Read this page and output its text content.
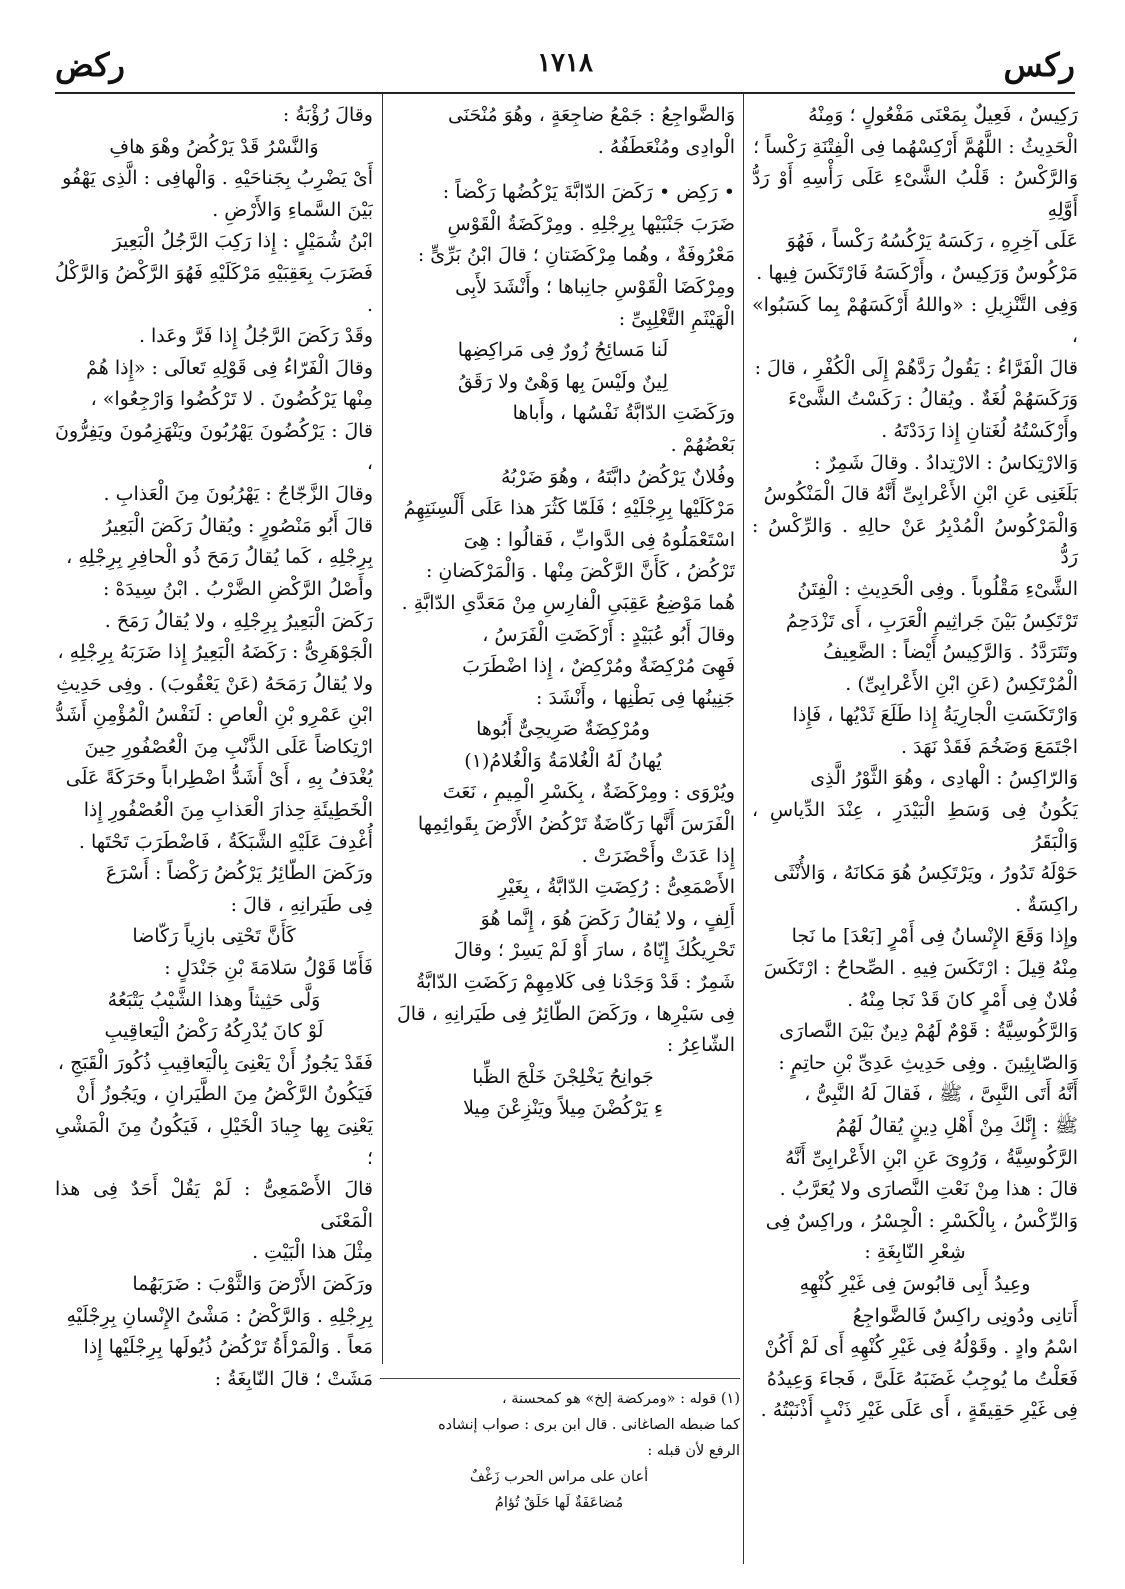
ركس
١٧١٨
ركض

رَكِيسٌ ، فَعِيلٌ بِمَعْنَى مَفْعُولٍ ؛ وَمِنْهُ

الْحَدِيثُ : اللَّهُمَّ أَرْكِسْهُما فِى الْفِتْنَةِ رَكْساً ؛

وَالرَّكْسُ : قَلْبُ الشَّىْءِ عَلَى رَأْسِهِ أَوْ رَدُّ أَوَّلِهِ

عَلَى آخِرِهِ ، رَكَسَهُ يَرْكُسُهُ رَكْساً ، فَهُوَ

مَرْكُوسٌ وَرَكِيسٌ ، وأَرْكَسَهُ فَارْتَكَسَ فِيها .

وَفِى التَّنْزِيلِ : «واللهُ أَرْكَسَهُمْ بِما كَسَبُوا» ،

قالَ الْفَرَّاءُ : يَقُولُ رَدَّهُمْ إِلَى الْكُفْرِ ، قالَ :

وَرَكَسَهُمْ لُغَةٌ . ويُقالُ : رَكَسْتُ الشَّىْءَ

وأَرْكَسْتُهُ لُغَتانِ إِذا رَدَدْتَهُ .

وَالارْتِكاسُ : الارْتِدادُ . وقالَ شَمِرٌ :

بَلَغَنِى عَنِ ابْنِ الأَعْرابِىِّ أَنَّهُ قالَ الْمَنْكُوسُ

وَالْمَرْكُوسُ الْمُدْبِرُ عَنْ حالِهِ . وَالرِّكْسُ : رَدُّ

الشَّىْءِ مَقْلُوباً . وفِى الْحَدِيثِ : الْفِتَنُ

تَرْتَكِسُ بَيْنَ جَراثِيمِ الْعَرَبِ ، أَى تَزْدَحِمُ

وتَتَرَدَّدُ . وَالرَّكِيسُ أَيْضاً : الضَّعِيفُ

الْمُرْتَكِسُ (عَنِ ابْنِ الأَعْرابِىِّ) .

وَارْتَكَسَتِ الْجارِيَةُ إِذا طَلَعَ ثَدْيُها ، فَإِذا

اجْتَمَعَ وَضَخُمَ فَقَدْ نَهَدَ .

وَالرّاكِسُ : الْهادِى ، وهُوَ الثَّوْرُ الَّذِى

يَكُونُ فِى وَسَطِ الْبَيْدَرِ ، عِنْدَ الدِّياسِ ، وَالْبَقَرُ

حَوْلَهُ تَدُورُ ، ويَرْتَكِسُ هُوَ مَكانَهُ ، وَالأُنْثَى

راكِسَةٌ .

وإِذا وَقَعَ الإِنْسانُ فِى أَمْرٍ [بَعْدَ] ما نَجا

مِنْهُ قِيلَ : ارْتَكَسَ فِيهِ . الصِّحاحُ : ارْتَكَسَ

فُلانٌ فِى أَمْرٍ كانَ قَدْ نَجا مِنْهُ .

وَالرَّكُوسِيَّةُ : قَوْمٌ لَهُمْ دِينٌ بَيْنَ النَّصارَى

وَالصّابِئِينَ . وفِى حَدِيثِ عَدِىِّ بْنِ حاتِمٍ :

أَنَّهُ أَتَى النَّبِىَّ ، ﷺ ، فَقالَ لَهُ النَّبِىُّ ،

ﷺ : إِنَّكَ مِنْ أَهْلِ دِينٍ يُقالُ لَهُمُ

الرَّكُوسِيَّةُ ، وَرُوِىَ عَنِ ابْنِ الأَعْرابِىِّ أَنَّهُ

قالَ : هذا مِنْ نَعْتِ النَّصارَى ولا يُعَرَّبُ .

وَالرِّكْسُ ، بِالْكَسْرِ : الْجِسْرُ ، وراكِسٌ فِى

شِعْرِ النّابِغَةِ :

وعِيدُ أَبِى قابُوسَ فِى غَيْرِ كُنْهِهِ

أَتانِى ودُونِى راكِسٌ فَالضَّواجِعُ

اسْمُ وادٍ . وقَوْلُهُ فِى غَيْرِ كُنْهِهِ أَى لَمْ أَكُنْ

فَعَلْتُ ما يُوجِبُ غَضَبَهُ عَلَىَّ ، فَجاءَ وَعِيدُهُ

فِى غَيْرِ حَقِيقَةٍ ، أَى عَلَى غَيْرِ ذَنْبٍ أَذْنَبْتُهُ .

وَالضَّواجِعُ : جَمْعُ ضاجِعَةٍ ، وهُوَ مُنْحَنَى

الْوادِى ومُنْعَطَفُهُ .

• رَكِض • رَكَضَ الدّابَّةَ يَرْكُضُها رَكْضاً :

ضَرَبَ جَنْبَيْها بِرِجْلِهِ . ومِرْكَضَةُ الْقَوْسِ

مَعْرُوفَةٌ ، وهُما مِرْكَضَتانِ ؛ قالَ ابْنُ بَرِّىٍّ :

ومِرْكَضَا الْقَوْسِ جانِباها ؛ وأَنْشَدَ لأَبِى

الْهَيْثَمِ التَّغْلِبِىِّ :

لَنا مَسائِحُ زُورٌ فِى مَراكِضِها

لِينٌ ولَيْسَ بِها وَهْىٌ ولا رَقَقُ

ورَكَضَتِ الدّابَّةُ نَفْسُها ، وأَباها

بَعْضُهُمْ .

وفُلانٌ يَرْكُضُ دابَّتَهُ ، وهُوَ ضَرْبُهُ

مَرْكَلَيْها بِرِجْلَيْهِ ؛ فَلَمّا كَثُرَ هذا عَلَى أَلْسِنَتِهِمُ

اسْتَعْمَلُوهُ فِى الدَّوابِّ ، فَقالُوا : هِىَ

تَرْكُضُ ، كَأَنَّ الرَّكْضَ مِنْها . وَالْمَرْكَضانِ :

هُما مَوْضِعُ عَقِبَىِ الْفارِسِ مِنْ مَعَدَّىِ الدّابَّةِ .

وقالَ أَبُو عُبَيْدٍ : أَرْكَضَتِ الْفَرَسُ ،

فَهِىَ مُرْكِضَةٌ ومُرْكِضٌ ، إِذا اضْطَرَبَ

جَنِينُها فِى بَطْنِها ، وأَنْشَدَ :

ومُرْكِضَةٌ صَرِيحِىٌّ أَبُوها

يُهانُ لَهُ الْغُلامَةُ وَالْغُلامُ(١)

ويُرْوَى : ومِرْكَضَةٌ ، بِكَسْرِ الْمِيمِ ، نَعَتَ

الْفَرَسَ أَنَّها رَكّاضَةٌ تَرْكُضُ الأَرْضَ بِقَوائِمِها

إِذا عَدَتْ وأَحْضَرَتْ .

الأَصْمَعِىُّ : رُكِضَتِ الدّابَّةُ ، بِغَيْرِ

أَلِفٍ ، ولا يُقالُ رَكَضَ هُوَ ، إِنَّما هُوَ

تَحْرِيكُكَ إِيّاهُ ، سارَ أَوْ لَمْ يَسِرْ ؛ وقالَ

شَمِرٌ : قَدْ وَجَدْنا فِى كَلامِهِمْ رَكَضَتِ الدّابَّةُ

فِى سَيْرِها ، ورَكَضَ الطّائِرُ فِى طَيَرانِهِ ، قالَ

الشّاعِرُ :

جَوانِحُ يَخْلِجْنَ خَلْجَ الظِّبا

ءِ يَرْكُضْنَ مِيلاً ويَنْزِعْنَ مِيلا

وقالَ رُؤْبَةُ :

وَالنَّسْرُ قَدْ يَرْكُضُ وهْوَ هافِ

أَىْ يَضْرِبُ بِجَناحَيْهِ . وَالْهافِى : الَّذِى يَهْفُو

بَيْنَ السَّماءِ وَالأَرْضِ .

ابْنُ شُمَيْلٍ : إِذا رَكِبَ الرَّجُلُ الْبَعِيرَ

فَضَرَبَ بِعَقِبَيْهِ مَرْكَلَيْهِ فَهُوَ الرَّكْضُ وَالرَّكْلُ .

وقَدْ رَكَضَ الرَّجُلُ إِذا فَرَّ وعَدا .

وقالَ الْفَرّاءُ فِى قَوْلِهِ تَعالَى : «إِذا هُمْ

مِنْها يَرْكُضُونَ . لا تَرْكُضُوا وَارْجِعُوا» ،

قالَ : يَرْكُضُونَ يَهْرُبُونَ ويَنْهَزِمُونَ ويَفِرُّونَ ،

وقالَ الزَّجّاجُ : يَهْرُبُونَ مِنَ الْعَذابِ .

قالَ أَبُو مَنْصُورٍ : ويُقالُ رَكَضَ الْبَعِيرُ

بِرِجْلِهِ ، كَما يُقالُ رَمَحَ ذُو الْحافِرِ بِرِجْلِهِ ،

وأَصْلُ الرَّكْضِ الضَّرْبُ . ابْنُ سِيدَهْ :

رَكَضَ الْبَعِيرُ بِرِجْلِهِ ، ولا يُقالُ رَمَحَ .

الْجَوْهَرِىُّ : رَكَضَهُ الْبَعِيرُ إِذا ضَرَبَهُ بِرِجْلِهِ ،

ولا يُقالُ رَمَحَهُ (عَنْ يَعْقُوبَ) . وفِى حَدِيثِ

ابْنِ عَمْرِو بْنِ الْعاصِ : لَنَفْسُ الْمُؤْمِنِ أَشَدُّ

ارْتِكاضاً عَلَى الذَّنْبِ مِنَ الْعُصْفُورِ حِينَ

يُغْدَفُ بِهِ ، أَىْ أَشَدُّ اضْطِراباً وحَرَكَةً عَلَى

الْخَطِيئَةِ حِذارَ الْعَذابِ مِنَ الْعُصْفُورِ إِذا

أُغْدِفَ عَلَيْهِ الشَّبَكَةُ ، فَاضْطَرَبَ تَحْتَها .

ورَكَضَ الطّائِرُ يَرْكُضُ رَكْضاً : أَسْرَعَ

فِى طَيَرانِهِ ، قالَ :

كَأَنَّ تَحْتِى بازِياً رَكّاضا

فَأَمّا قَوْلُ سَلامَةَ بْنِ جَنْدَلٍ :

وَلَّى حَثِيثاً وهذا الشَّيْبُ يَتْبَعُهُ

لَوْ كانَ يُدْرِكُهُ رَكْضُ الْيَعاقِيبِ

فَقَدْ يَجُوزُ أَنْ يَعْنِىَ بِالْيَعاقِيبِ ذُكُورَ الْقَبَجِ ،

فَيَكُونُ الرَّكْضُ مِنَ الطَّيَرانِ ، ويَجُوزُ أَنْ

يَعْنِىَ بِها جِيادَ الْخَيْلِ ، فَيَكُونُ مِنَ الْمَشْىِ ؛

قالَ الأَصْمَعِىُّ : لَمْ يَقُلْ أَحَدٌ فِى هذا الْمَعْنَى

مِثْلَ هذا الْبَيْتِ .

ورَكَضَ الأَرْضَ وَالثَّوْبَ : ضَرَبَهُما

بِرِجْلِهِ . وَالرَّكْضُ : مَشْىُ الإِنْسانِ بِرِجْلَيْهِ

مَعاً . وَالْمَرْأَةُ تَرْكُضُ ذُيُولَها بِرِجْلَيْها إِذا

مَشَتْ ؛ قالَ النّابِغَةُ :

(١) قوله : «ومركضة إلخ» هو كمحسنة ،

كما ضبطه الصاغانى . قال ابن برى : صواب إنشاده

الرفع لأن قبله :

أعان على مراس الحرب زَغْفٌ

مُضاعَفَةٌ لَها حَلَقٌ تُؤامُ
